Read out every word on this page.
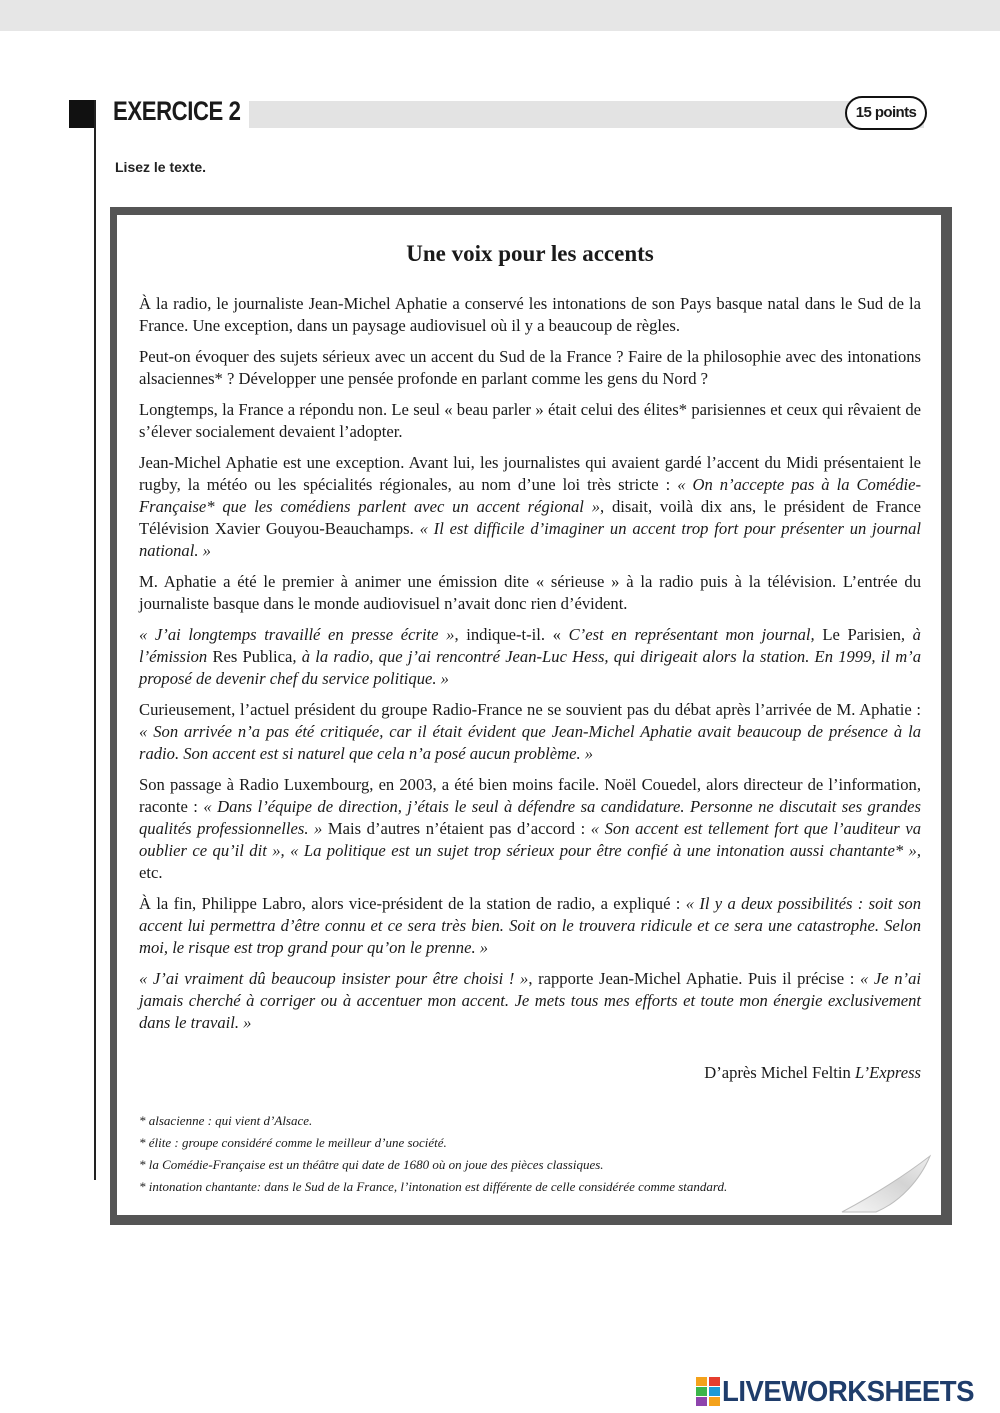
EXERCICE 2	15 points
Lisez le texte.
Une voix pour les accents

À la radio, le journaliste Jean-Michel Aphatie a conservé les intonations de son Pays basque natal dans le Sud de la France. Une exception, dans un paysage audiovisuel où il y a beaucoup de règles.

Peut-on évoquer des sujets sérieux avec un accent du Sud de la France ? Faire de la philosophie avec des intonations alsaciennes* ? Développer une pensée profonde en parlant comme les gens du Nord ?

Longtemps, la France a répondu non. Le seul « beau parler » était celui des élites* parisiennes et ceux qui rêvaient de s’élever socialement devaient l’adopter.

Jean-Michel Aphatie est une exception. Avant lui, les journalistes qui avaient gardé l’accent du Midi présentaient le rugby, la météo ou les spécialités régionales, au nom d’une loi très stricte : « On n’accepte pas à la Comédie-Française* que les comédiens parlent avec un accent régional », disait, voilà dix ans, le président de France Télévision Xavier Gouyou-Beauchamps. « Il est difficile d’imaginer un accent trop fort pour présenter un journal national. »

M. Aphatie a été le premier à animer une émission dite « sérieuse » à la radio puis à la télévision. L’entrée du journaliste basque dans le monde audiovisuel n’avait donc rien d’évident.

« J’ai longtemps travaillé en presse écrite », indique-t-il. « C’est en représentant mon journal, Le Parisien, à l’émission Res Publica, à la radio, que j’ai rencontré Jean-Luc Hess, qui dirigeait alors la station. En 1999, il m’a proposé de devenir chef du service politique. »

Curieusement, l’actuel président du groupe Radio-France ne se souvient pas du débat après l’arrivée de M. Aphatie : « Son arrivée n’a pas été critiquée, car il était évident que Jean-Michel Aphatie avait beaucoup de présence à la radio. Son accent est si naturel que cela n’a posé aucun problème. »

Son passage à Radio Luxembourg, en 2003, a été bien moins facile. Noël Couedel, alors directeur de l’information, raconte : « Dans l’équipe de direction, j’étais le seul à défendre sa candidature. Personne ne discutait ses grandes qualités professionnelles. » Mais d’autres n’étaient pas d’accord : « Son accent est tellement fort que l’auditeur va oublier ce qu’il dit », « La politique est un sujet trop sérieux pour être confié à une intonation aussi chantante* », etc.

À la fin, Philippe Labro, alors vice-président de la station de radio, a expliqué : « Il y a deux possibilités : soit son accent lui permettra d’être connu et ce sera très bien. Soit on le trouvera ridicule et ce sera une catastrophe. Selon moi, le risque est trop grand pour qu’on le prenne. »

« J’ai vraiment dû beaucoup insister pour être choisi ! », rapporte Jean-Michel Aphatie. Puis il précise : « Je n’ai jamais cherché à corriger ou à accentuer mon accent. Je mets tous mes efforts et toute mon énergie exclusivement dans le travail. »

D’après Michel Feltin L’Express
* alsacienne : qui vient d’Alsace.
* élite : groupe considéré comme le meilleur d’une société.
* la Comédie-Française est un théâtre qui date de 1680 où on joue des pièces classiques.
* intonation chantante: dans le Sud de la France, l’intonation est différente de celle considérée comme standard.
LIVEWORKSHEETS
